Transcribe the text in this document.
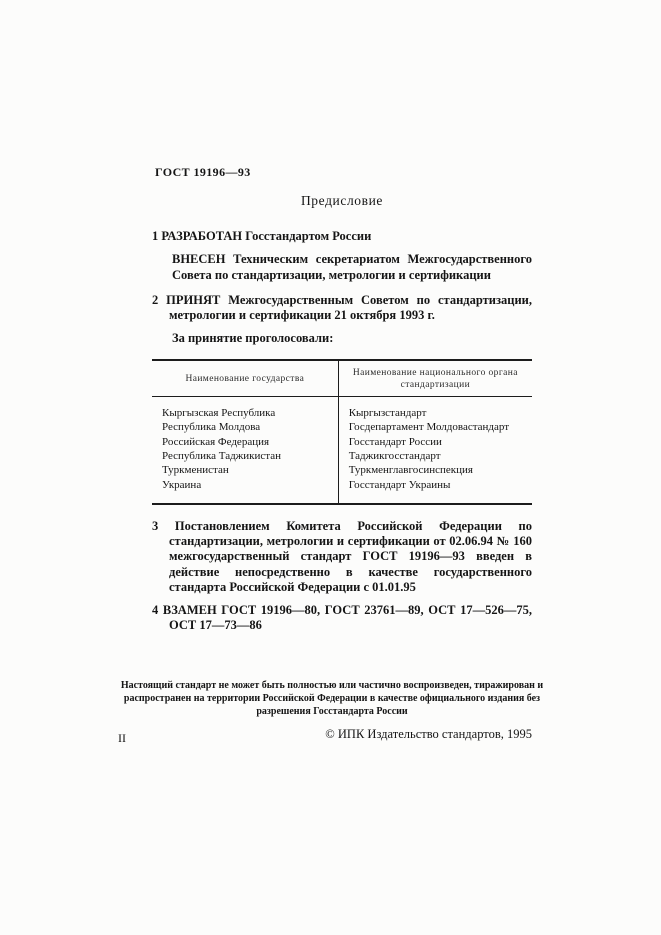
ГОСТ 19196—93
Предисловие

1 РАЗРАБОТАН Госстандартом России

ВНЕСЕН Техническим секретариатом Межгосударственного Совета по стандартизации, метрологии и сертификации

2 ПРИНЯТ Межгосударственным Советом по стандартизации, метрологии и сертификации 21 октября 1993 г.

За принятие проголосовали:

Наименование государства	Наименование национального органа стандартизации
Кыргызская Республика	Кыргызстандарт
Республика Молдова	Госдепартамент Молдовастандарт
Российская Федерация	Госстандарт России
Республика Таджикистан	Таджикгосстандарт
Туркменистан	Туркменглавгосинспекция
Украина	Госстандарт Украины

3 Постановлением Комитета Российской Федерации по стандартизации, метрологии и сертификации от 02.06.94 № 160 межгосударственный стандарт ГОСТ 19196—93 введен в действие непосредственно в качестве государственного стандарта Российской Федерации с 01.01.95

4 ВЗАМЕН ГОСТ 19196—80, ГОСТ 23761—89, ОСТ 17—526—75, ОСТ 17—73—86

© ИПК Издательство стандартов, 1995

Настоящий стандарт не может быть полностью или частично воспроизведен, тиражирован и распространен на территории Российской Федерации в качестве официального издания без разрешения Госстандарта России

II
